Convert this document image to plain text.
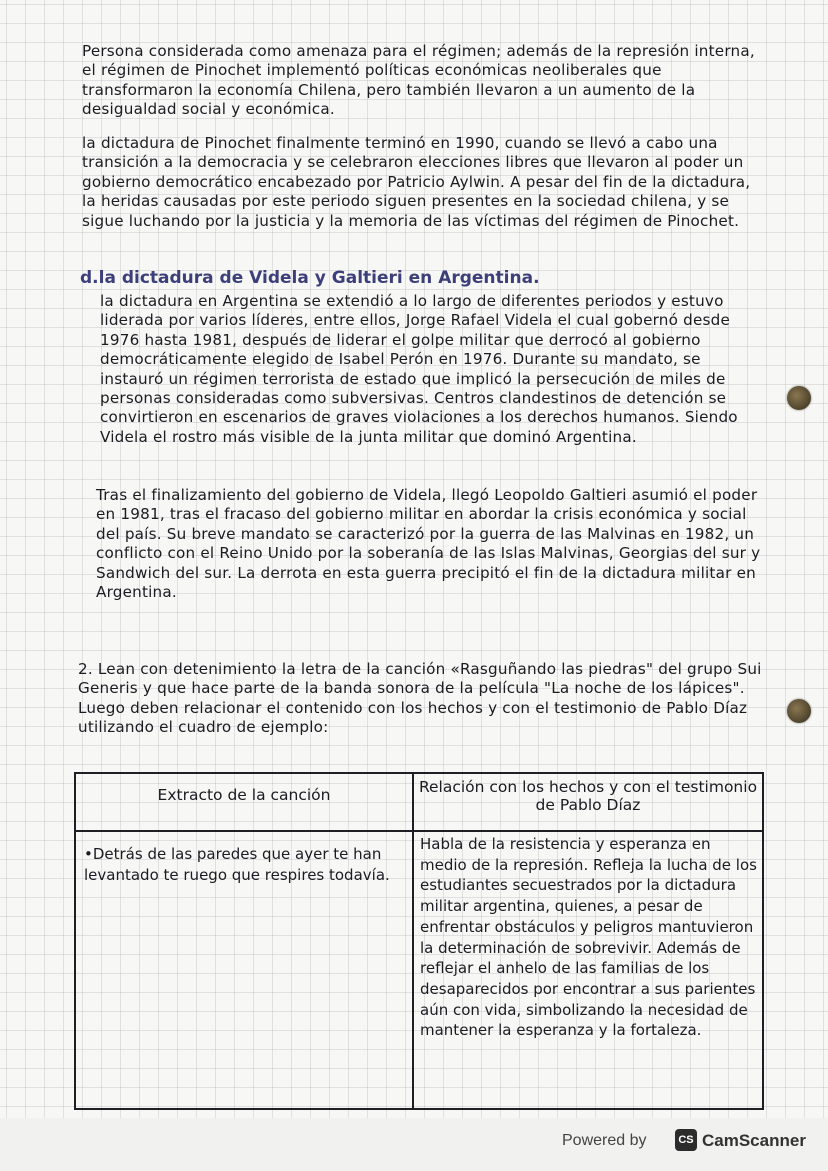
Persona considerada como amenaza para el régimen; además de la represión interna, el régimen de Pinochet implementó políticas económicas neoliberales que transformaron la economía Chilena, pero también llevaron a un aumento de la desigualdad social y económica.

la dictadura de Pinochet finalmente terminó en 1990, cuando se llevó a cabo una transición a la democracia y se celebraron elecciones libres que llevaron al poder un gobierno democrático encabezado por Patricio Aylwin. A pesar del fin de la dictadura, la heridas causadas por este periodo siguen presentes en la sociedad chilena, y se sigue luchando por la justicia y la memoria de las víctimas del régimen de Pinochet.

d.la dictadura de Videla y Galtieri en Argentina.

la dictadura en Argentina se extendió a lo largo de diferentes periodos y estuvo liderada por varios líderes, entre ellos, Jorge Rafael Videla el cual gobernó desde 1976 hasta 1981, después de liderar el golpe militar que derrocó al gobierno democráticamente elegido de Isabel Perón en 1976. Durante su mandato, se instauró un régimen terrorista de estado que implicó la persecución de miles de personas consideradas como subversivas. Centros clandestinos de detención se convirtieron en escenarios de graves violaciones a los derechos humanos. Siendo Videla el rostro más visible de la junta militar que dominó Argentina.

Tras el finalizamiento del gobierno de Videla, llegó Leopoldo Galtieri asumió el poder en 1981, tras el fracaso del gobierno militar en abordar la crisis económica y social del país. Su breve mandato se caracterizó por la guerra de las Malvinas en 1982, un conflicto con el Reino Unido por la soberanía de las Islas Malvinas, Georgias del sur y Sandwich del sur. La derrota en esta guerra precipitó el fin de la dictadura militar en Argentina.

2. Lean con detenimiento la letra de la canción «Rasguñando las piedras" del grupo Sui Generis y que hace parte de la banda sonora de la película "La noche de los lápices". Luego deben relacionar el contenido con los hechos y con el testimonio de Pablo Díaz utilizando el cuadro de ejemplo:

Extracto de la canción	Relación con los hechos y con el testimonio de Pablo Díaz
•Detrás de las paredes que ayer te han levantado te ruego que respires todavía.	Habla de la resistencia y esperanza en medio de la represión. Refleja la lucha de los estudiantes secuestrados por la dictadura militar argentina, quienes, a pesar de enfrentar obstáculos y peligros mantuvieron la determinación de sobrevivir. Además de reflejar el anhelo de las familias de los desaparecidos por encontrar a sus parientes aún con vida, simbolizando la necesidad de mantener la esperanza y la fortaleza.
Powered by	CS CamScanner
